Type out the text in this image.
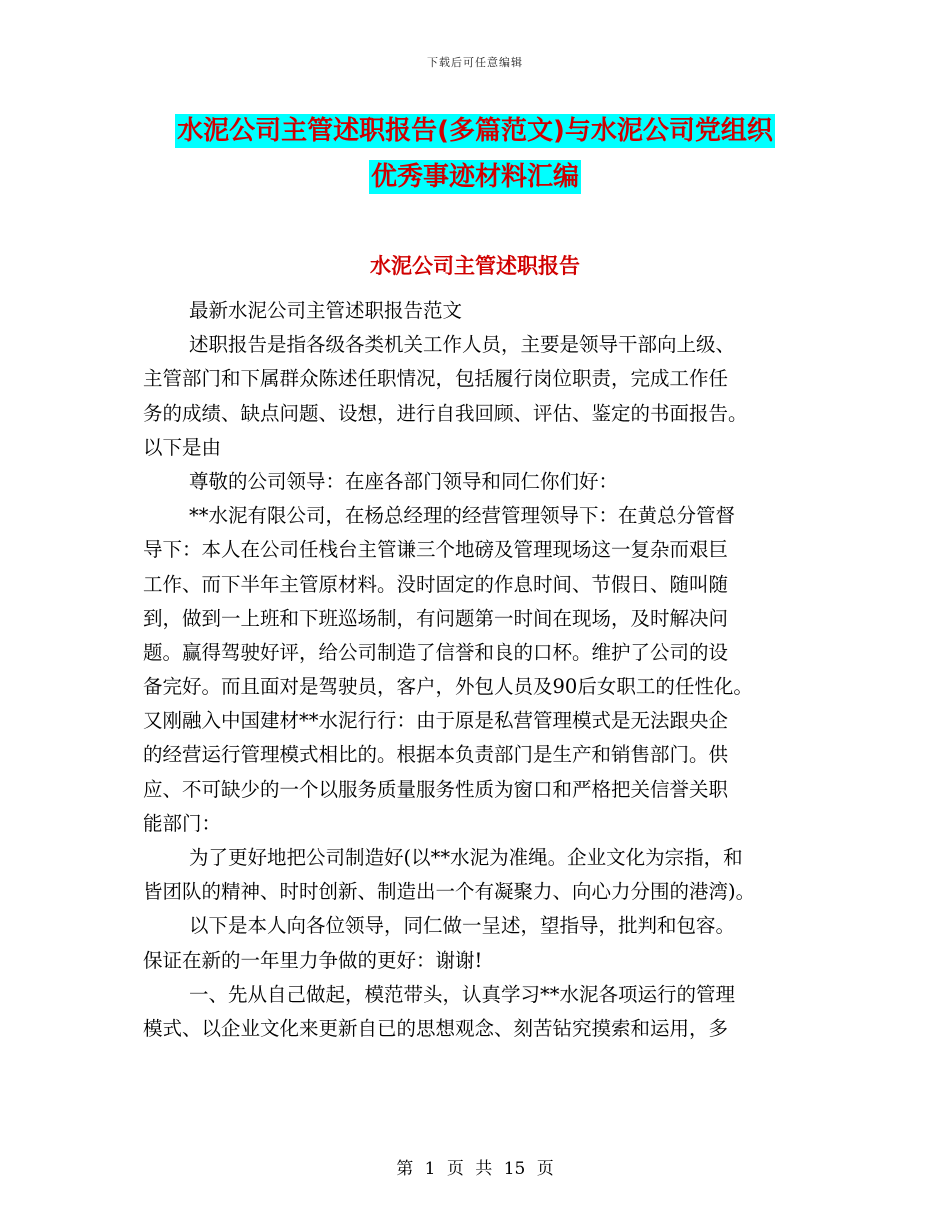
下载后可任意编辑
水泥公司主管述职报告(多篇范文)与水泥公司党组织
优秀事迹材料汇编
水泥公司主管述职报告
最新水泥公司主管述职报告范文
述职报告是指各级各类机关工作人员，主要是领导干部向上级、
主管部门和下属群众陈述任职情况，包括履行岗位职责，完成工作任
务的成绩、缺点问题、设想，进行自我回顾、评估、鉴定的书面报告。
以下是由
尊敬的公司领导：在座各部门领导和同仁你们好：
**水泥有限公司，在杨总经理的经营管理领导下：在黄总分管督
导下：本人在公司任栈台主管谦三个地磅及管理现场这一复杂而艰巨
工作、而下半年主管原材料。没时固定的作息时间、节假日、随叫随
到，做到一上班和下班巡场制，有问题第一时间在现场，及时解决问
题。赢得驾驶好评，给公司制造了信誉和良的口杯。维护了公司的设
备完好。而且面对是驾驶员，客户，外包人员及90后女职工的任性化。
又刚融入中国建材**水泥行行：由于原是私营管理模式是无法跟央企
的经营运行管理模式相比的。根据本负责部门是生产和销售部门。供
应、不可缺少的一个以服务质量服务性质为窗口和严格把关信誉关职
能部门：
为了更好地把公司制造好(以**水泥为准绳。企业文化为宗指，和
皆团队的精神、时时创新、制造出一个有凝聚力、向心力分围的港湾)。
以下是本人向各位领导，同仁做一呈述，望指导，批判和包容。
保证在新的一年里力争做的更好：谢谢!
一、先从自己做起，模范带头，认真学习**水泥各项运行的管理
模式、以企业文化来更新自已的思想观念、刻苦钻究摸索和运用，多
第 1 页 共 15 页
